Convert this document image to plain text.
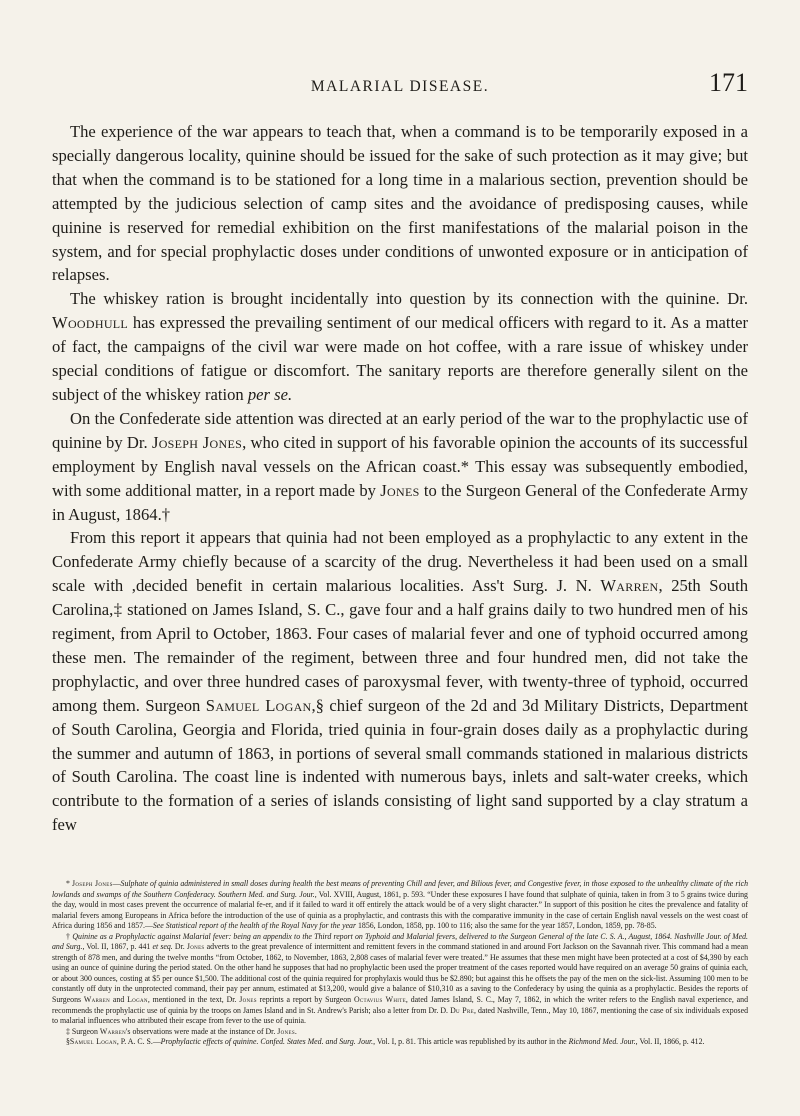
MALARIAL DISEASE.	171

The experience of the war appears to teach that, when a command is to be temporarily exposed in a specially dangerous locality, quinine should be issued for the sake of such protection as it may give; but that when the command is to be stationed for a long time in a malarious section, prevention should be attempted by the judicious selection of camp sites and the avoidance of predisposing causes, while quinine is reserved for remedial exhibition on the first manifestations of the malarial poison in the system, and for special prophylactic doses under conditions of unwonted exposure or in anticipation of relapses.

The whiskey ration is brought incidentally into question by its connection with the quinine. Dr. Woodhull has expressed the prevailing sentiment of our medical officers with regard to it. As a matter of fact, the campaigns of the civil war were made on hot coffee, with a rare issue of whiskey under special conditions of fatigue or discomfort. The sanitary reports are therefore generally silent on the subject of the whiskey ration per se.

On the Confederate side attention was directed at an early period of the war to the prophylactic use of quinine by Dr. Joseph Jones, who cited in support of his favorable opinion the accounts of its successful employment by English naval vessels on the African coast.* This essay was subsequently embodied, with some additional matter, in a report made by Jones to the Surgeon General of the Confederate Army in August, 1864.†

From this report it appears that quinia had not been employed as a prophylactic to any extent in the Confederate Army chiefly because of a scarcity of the drug. Nevertheless it had been used on a small scale with ,decided benefit in certain malarious localities. Ass't Surg. J. N. Warren, 25th South Carolina,‡ stationed on James Island, S. C., gave four and a half grains daily to two hundred men of his regiment, from April to October, 1863. Four cases of malarial fever and one of typhoid occurred among these men. The remainder of the regiment, between three and four hundred men, did not take the prophylactic, and over three hundred cases of paroxysmal fever, with twenty-three of typhoid, occurred among them. Surgeon Samuel Logan,§ chief surgeon of the 2d and 3d Military Districts, Department of South Carolina, Georgia and Florida, tried quinia in four-grain doses daily as a prophylactic during the summer and autumn of 1863, in portions of several small commands stationed in malarious districts of South Carolina. The coast line is indented with numerous bays, inlets and salt-water creeks, which contribute to the formation of a series of islands consisting of light sand supported by a clay stratum a few

* Joseph Jones—Sulphate of quinia administered in small doses during health the best means of preventing Chill and fever, and Bilious fever, and Congestive fever, in those exposed to the unhealthy climate of the rich lowlands and swamps of the Southern Confederacy. Southern Med. and Surg. Jour., Vol. XVIII, August, 1861, p. 593. “Under these exposures I have found that sulphate of quinia, taken in from 3 to 5 grains twice during the day, would in most cases prevent the occurrence of malarial fe-er, and if it failed to ward it off entirely the attack would be of a very slight character.” In support of this position he cites the prevalence and fatality of malarial fevers among Europeans in Africa before the introduction of the use of quinia as a prophylactic, and contrasts this with the comparative immunity in the case of certain English naval vessels on the west coast of Africa during 1856 and 1857.—See Statistical report of the health of the Royal Navy for the year 1856, London, 1858, pp. 100 to 116; also the same for the year 1857, London, 1859, pp. 78-85.

† Quinine as a Prophylactic against Malarial fever: being an appendix to the Third report on Typhoid and Malarial fevers, delivered to the Surgeon General of the late C. S. A., August, 1864. Nashville Jour. of Med. and Surg., Vol. II, 1867, p. 441 et seq. Dr. Jones adverts to the great prevalence of intermittent and remittent fevers in the command stationed in and around Fort Jackson on the Savannah river. This command had a mean strength of 878 men, and during the twelve months “from October, 1862, to November, 1863, 2,808 cases of malarial fever were treated.” He assumes that these men might have been protected at a cost of $4,390 by each using an ounce of quinine during the period stated. On the other hand he supposes that had no prophylactic been used the proper treatment of the cases reported would have required on an average 50 grains of quinia each, or about 300 ounces, costing at $5 per ounce $1,500. The additional cost of the quinia required for prophylaxis would thus be $2.890; but against this he offsets the pay of the men on the sick-list. Assuming 100 men to be constantly off duty in the unprotected command, their pay per annum, estimated at $13,200, would give a balance of $10,310 as a saving to the Confederacy by using the quinia as a prophylactic. Besides the reports of Surgeons Warren and Logan, mentioned in the text, Dr. Jones reprints a report by Surgeon Octavius White, dated James Island, S. C., May 7, 1862, in which the writer refers to the English naval experience, and recommends the prophylactic use of quinia by the troops on James Island and in St. Andrew's Parish; also a letter from Dr. D. Du Pre, dated Nashville, Tenn., May 10, 1867, mentioning the case of six individuals exposed to malarial influences who attributed their escape from fever to the use of quinia.

‡ Surgeon Warren's observations were made at the instance of Dr. Jones.

§Samuel Logan, P. A. C. S.—Prophylactic effects of quinine. Confed. States Med. and Surg. Jour., Vol. I, p. 81. This article was republished by its author in the Richmond Med. Jour., Vol. II, 1866, p. 412.
